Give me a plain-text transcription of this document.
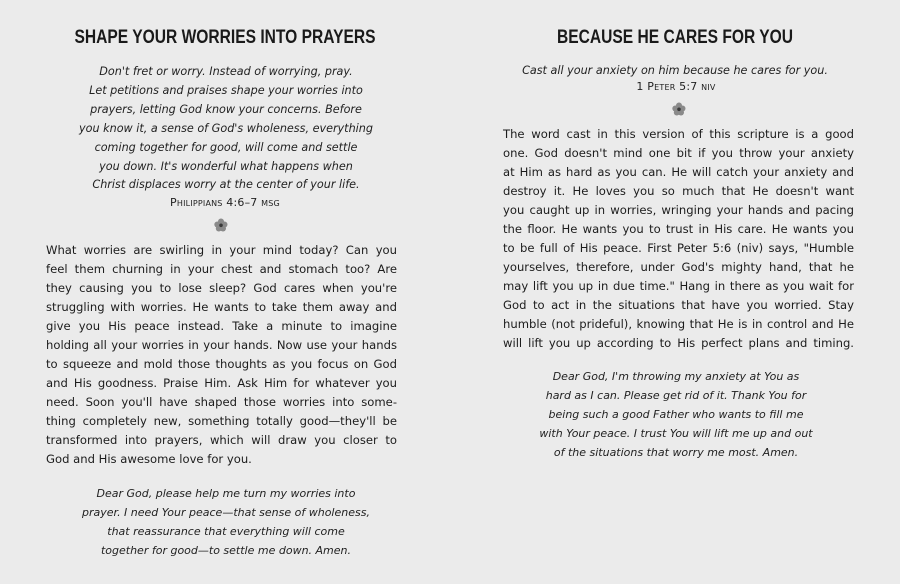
SHAPE YOUR WORRIES INTO PRAYERS
Don't fret or worry. Instead of worrying, pray.
Let petitions and praises shape your worries into
prayers, letting God know your concerns. Before
you know it, a sense of God's wholeness, everything
coming together for good, will come and settle
you down. It's wonderful what happens when
Christ displaces worry at the center of your life.
Philippians 4:6–7 msg
What worries are swirling in your mind today? Can you
feel them churning in your chest and stomach too? Are
they causing you to lose sleep? God cares when you're
struggling with worries. He wants to take them away and
give you His peace instead. Take a minute to imagine
holding all your worries in your hands. Now use your hands
to squeeze and mold those thoughts as you focus on God
and His goodness. Praise Him. Ask Him for whatever you
need. Soon you'll have shaped those worries into some-
thing completely new, something totally good—they'll be
transformed into prayers, which will draw you closer to
God and His awesome love for you.
Dear God, please help me turn my worries into
prayer. I need Your peace—that sense of wholeness,
that reassurance that everything will come
together for good—to settle me down. Amen.
BECAUSE HE CARES FOR YOU
Cast all your anxiety on him because he cares for you.
1 Peter 5:7 niv
The word cast in this version of this scripture is a good
one. God doesn't mind one bit if you throw your anxiety
at Him as hard as you can. He will catch your anxiety and
destroy it. He loves you so much that He doesn't want
you caught up in worries, wringing your hands and pacing
the floor. He wants you to trust in His care. He wants you
to be full of His peace. First Peter 5:6 (niv) says, "Humble
yourselves, therefore, under God's mighty hand, that he
may lift you up in due time." Hang in there as you wait for
God to act in the situations that have you worried. Stay
humble (not prideful), knowing that He is in control and He
will lift you up according to His perfect plans and timing.
Dear God, I'm throwing my anxiety at You as
hard as I can. Please get rid of it. Thank You for
being such a good Father who wants to fill me
with Your peace. I trust You will lift me up and out
of the situations that worry me most. Amen.
